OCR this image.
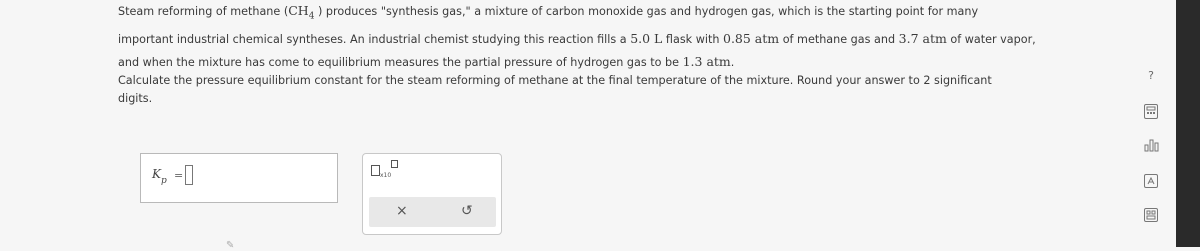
Steam reforming of methane ($CH_4$ ) produces "synthesis gas," a mixture of carbon monoxide gas and hydrogen gas, which is the starting point for many
important industrial chemical syntheses. An industrial chemist studying this reaction fills a 5.0 L flask with 0.85 atm of methane gas and 3.7 atm of water vapor,
and when the mixture has come to equilibrium measures the partial pressure of hydrogen gas to be 1.3 atm.
Calculate the pressure equilibrium constant for the steam reforming of methane at the final temperature of the mixture. Round your answer to 2 significant
digits.
$K_p$ =	$_{x10}$
×	↺
?
✎
